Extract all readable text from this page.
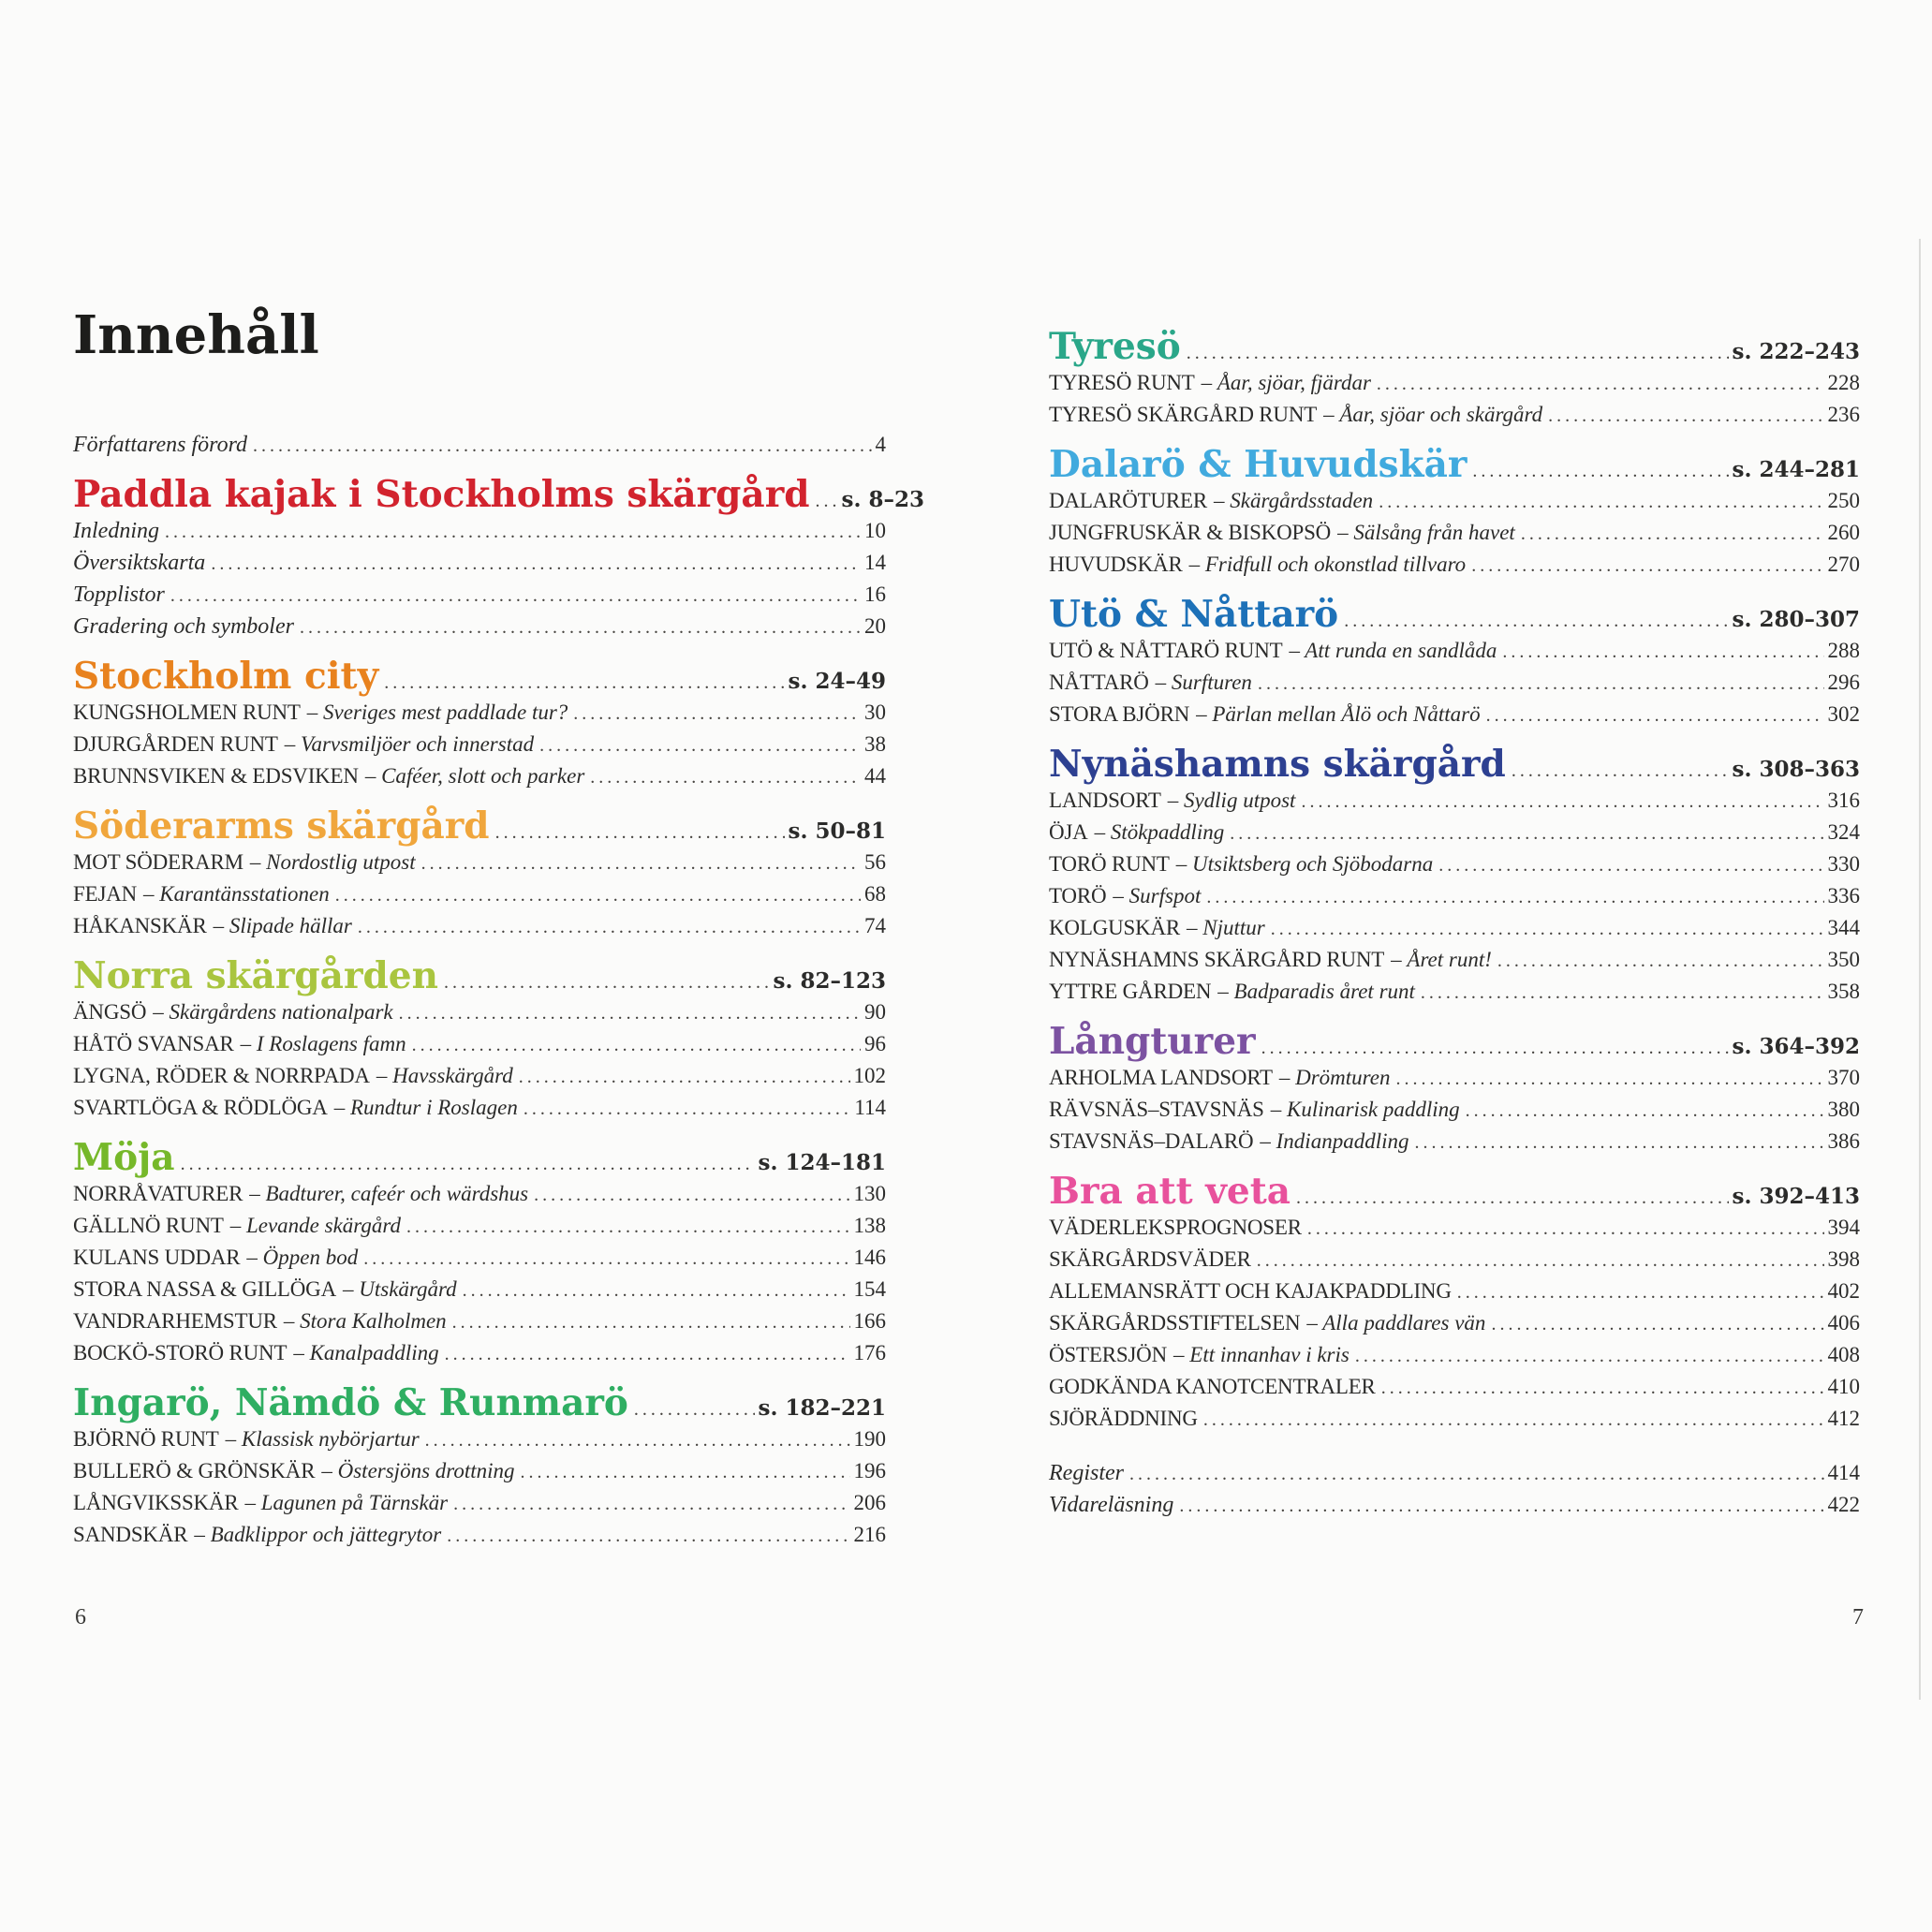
Innehåll
Författarens förord .....	4
Paddla kajak i Stockholms skärgård ..... s. 8–23
Inledning .....	10
Översiktskarta .....	14
Topplistor .....	16
Gradering och symboler .....	20
Stockholm city .....	s. 24–49
KUNGSHOLMEN RUNT – Sveriges mest paddlade tur? .....	30
DJURGÅRDEN RUNT – Varvsmiljöer och innerstad .....	38
BRUNNSVIKEN & EDSVIKEN – Caféer, slott och parker .....	44
Söderarms skärgård .....	s. 50–81
MOT SÖDERARM – Nordostlig utpost .....	56
FEJAN – Karantänsstationen .....	68
HÅKANSKÄR – Slipade hällar .....	74
Norra skärgården .....	s. 82–123
ÄNGSÖ – Skärgårdens nationalpark .....	90
HÅTÖ SVANSAR – I Roslagens famn .....	96
LYGNA, RÖDER & NORRPADA – Havsskärgård .....	102
SVARTLÖGA & RÖDLÖGA – Rundtur i Roslagen .....	114
Möja .....	s. 124–181
NORRÅVATURER – Badturer, cafeér och wärdshus .....	130
GÄLLNÖ RUNT – Levande skärgård .....	138
KULANS UDDAR – Öppen bod .....	146
STORA NASSA & GILLÖGA – Utskärgård .....	154
VANDRARHEMSTUR – Stora Kalholmen .....	166
BOCKÖ-STORÖ RUNT – Kanalpaddling .....	176
Ingarö, Nämdö & Runmarö .....	s. 182–221
BJÖRNÖ RUNT – Klassisk nybörjartur .....	190
BULLERÖ & GRÖNSKÄR – Östersjöns drottning .....	196
LÅNGVIKSSKÄR – Lagunen på Tärnskär .....	206
SANDSKÄR – Badklippor och jättegrytor .....	216
Tyresö .....	s. 222–243
TYRESÖ RUNT – Åar, sjöar, fjärdar .....	228
TYRESÖ SKÄRGÅRD RUNT – Åar, sjöar och skärgård .....	236
Dalarö & Huvudskär .....	s. 244–281
DALARÖTURER – Skärgårdsstaden .....	250
JUNGFRUSKÄR & BISKOPSÖ – Sälsång från havet .....	260
HUVUDSKÄR – Fridfull och okonstlad tillvaro .....	270
Utö & Nåttarö .....	s. 280–307
UTÖ & NÅTTARÖ RUNT – Att runda en sandlåda .....	288
NÅTTARÖ – Surfturen .....	296
STORA BJÖRN – Pärlan mellan Ålö och Nåttarö .....	302
Nynäshamns skärgård .....	s. 308–363
LANDSORT – Sydlig utpost .....	316
ÖJA – Stökpaddling .....	324
TORÖ RUNT – Utsiktsberg och Sjöbodarna .....	330
TORÖ – Surfspot .....	336
KOLGUSKÄR – Njuttur .....	344
NYNÄSHAMNS SKÄRGÅRD RUNT – Året runt! .....	350
YTTRE GÅRDEN – Badparadis året runt .....	358
Långturer .....	s. 364–392
ARHOLMA LANDSORT – Drömturen .....	370
RÄVSNÄS–STAVSNÄS – Kulinarisk paddling .....	380
STAVSNÄS–DALARÖ – Indianpaddling .....	386
Bra att veta .....	s. 392–413
VÄDERLEKSPROGNOSER .....	394
SKÄRGÅRDSVÄDER .....	398
ALLEMANSRÄTT OCH KAJAKPADDLING .....	402
SKÄRGÅRDSSTIFTELSEN – Alla paddlares vän .....	406
ÖSTERSJÖN – Ett innanhav i kris .....	408
GODKÄNDA KANOTCENTRALER .....	410
SJÖRÄDDNING .....	412
Register .....	414
Vidareläsning .....	422
6	7
